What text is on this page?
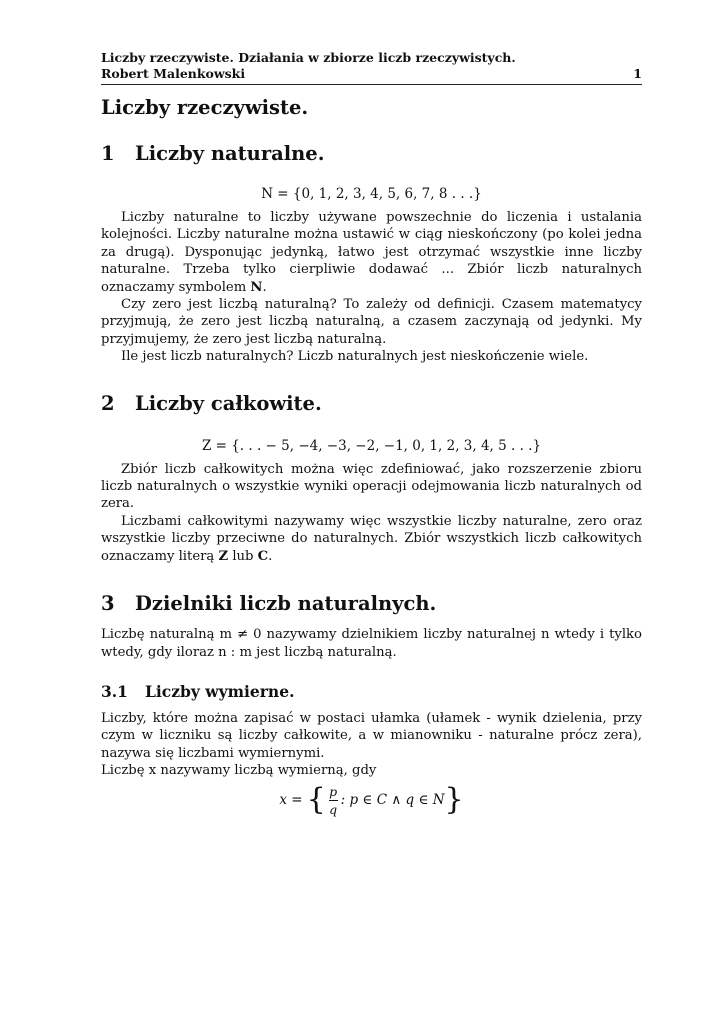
Liczby rzeczywiste. Działania w zbiorze liczb rzeczywistych.
Robert Malenkowski	1
Liczby rzeczywiste.
1	Liczby naturalne.
N = {0, 1, 2, 3, 4, 5, 6, 7, 8 . . .}

Liczby naturalne to liczby używane powszechnie do liczenia i ustalania kolejności. Liczby naturalne można ustawić w ciąg nieskończony (po kolei jedna za drugą). Dysponując jedynką, łatwo jest otrzymać wszystkie inne liczby naturalne. Trzeba tylko cierpliwie dodawać ... Zbiór liczb naturalnych oznaczamy symbolem N.

Czy zero jest liczbą naturalną? To zależy od definicji. Czasem matematycy przyjmują, że zero jest liczbą naturalną, a czasem zaczynają od jedynki. My przyjmujemy, że zero jest liczbą naturalną.

Ile jest liczb naturalnych? Liczb naturalnych jest nieskończenie wiele.

2	Liczby całkowite.
Z = {. . . − 5, −4, −3, −2, −1, 0, 1, 2, 3, 4, 5 . . .}

Zbiór liczb całkowitych można więc zdefiniować, jako rozszerzenie zbioru liczb naturalnych o wszystkie wyniki operacji odejmowania liczb naturalnych od zera.

Liczbami całkowitymi nazywamy więc wszystkie liczby naturalne, zero oraz wszystkie liczby przeciwne do naturalnych. Zbiór wszystkich liczb całkowitych oznaczamy literą Z lub C.

3	Dzielniki liczb naturalnych.

Liczbę naturalną m ≠ 0 nazywamy dzielnikiem liczby naturalnej n wtedy i tylko wtedy, gdy iloraz n : m jest liczbą naturalną.

3.1	Liczby wymierne.

Liczby, które można zapisać w postaci ułamka (ułamek - wynik dzielenia, przy czym w liczniku są liczby całkowite, a w mianowniku - naturalne prócz zera), nazywa się liczbami wymiernymi.

Liczbę x nazywamy liczbą wymierną, gdy

x = { $\frac{p}{q}$ : p ∈ C ∧ q ∈ N }
